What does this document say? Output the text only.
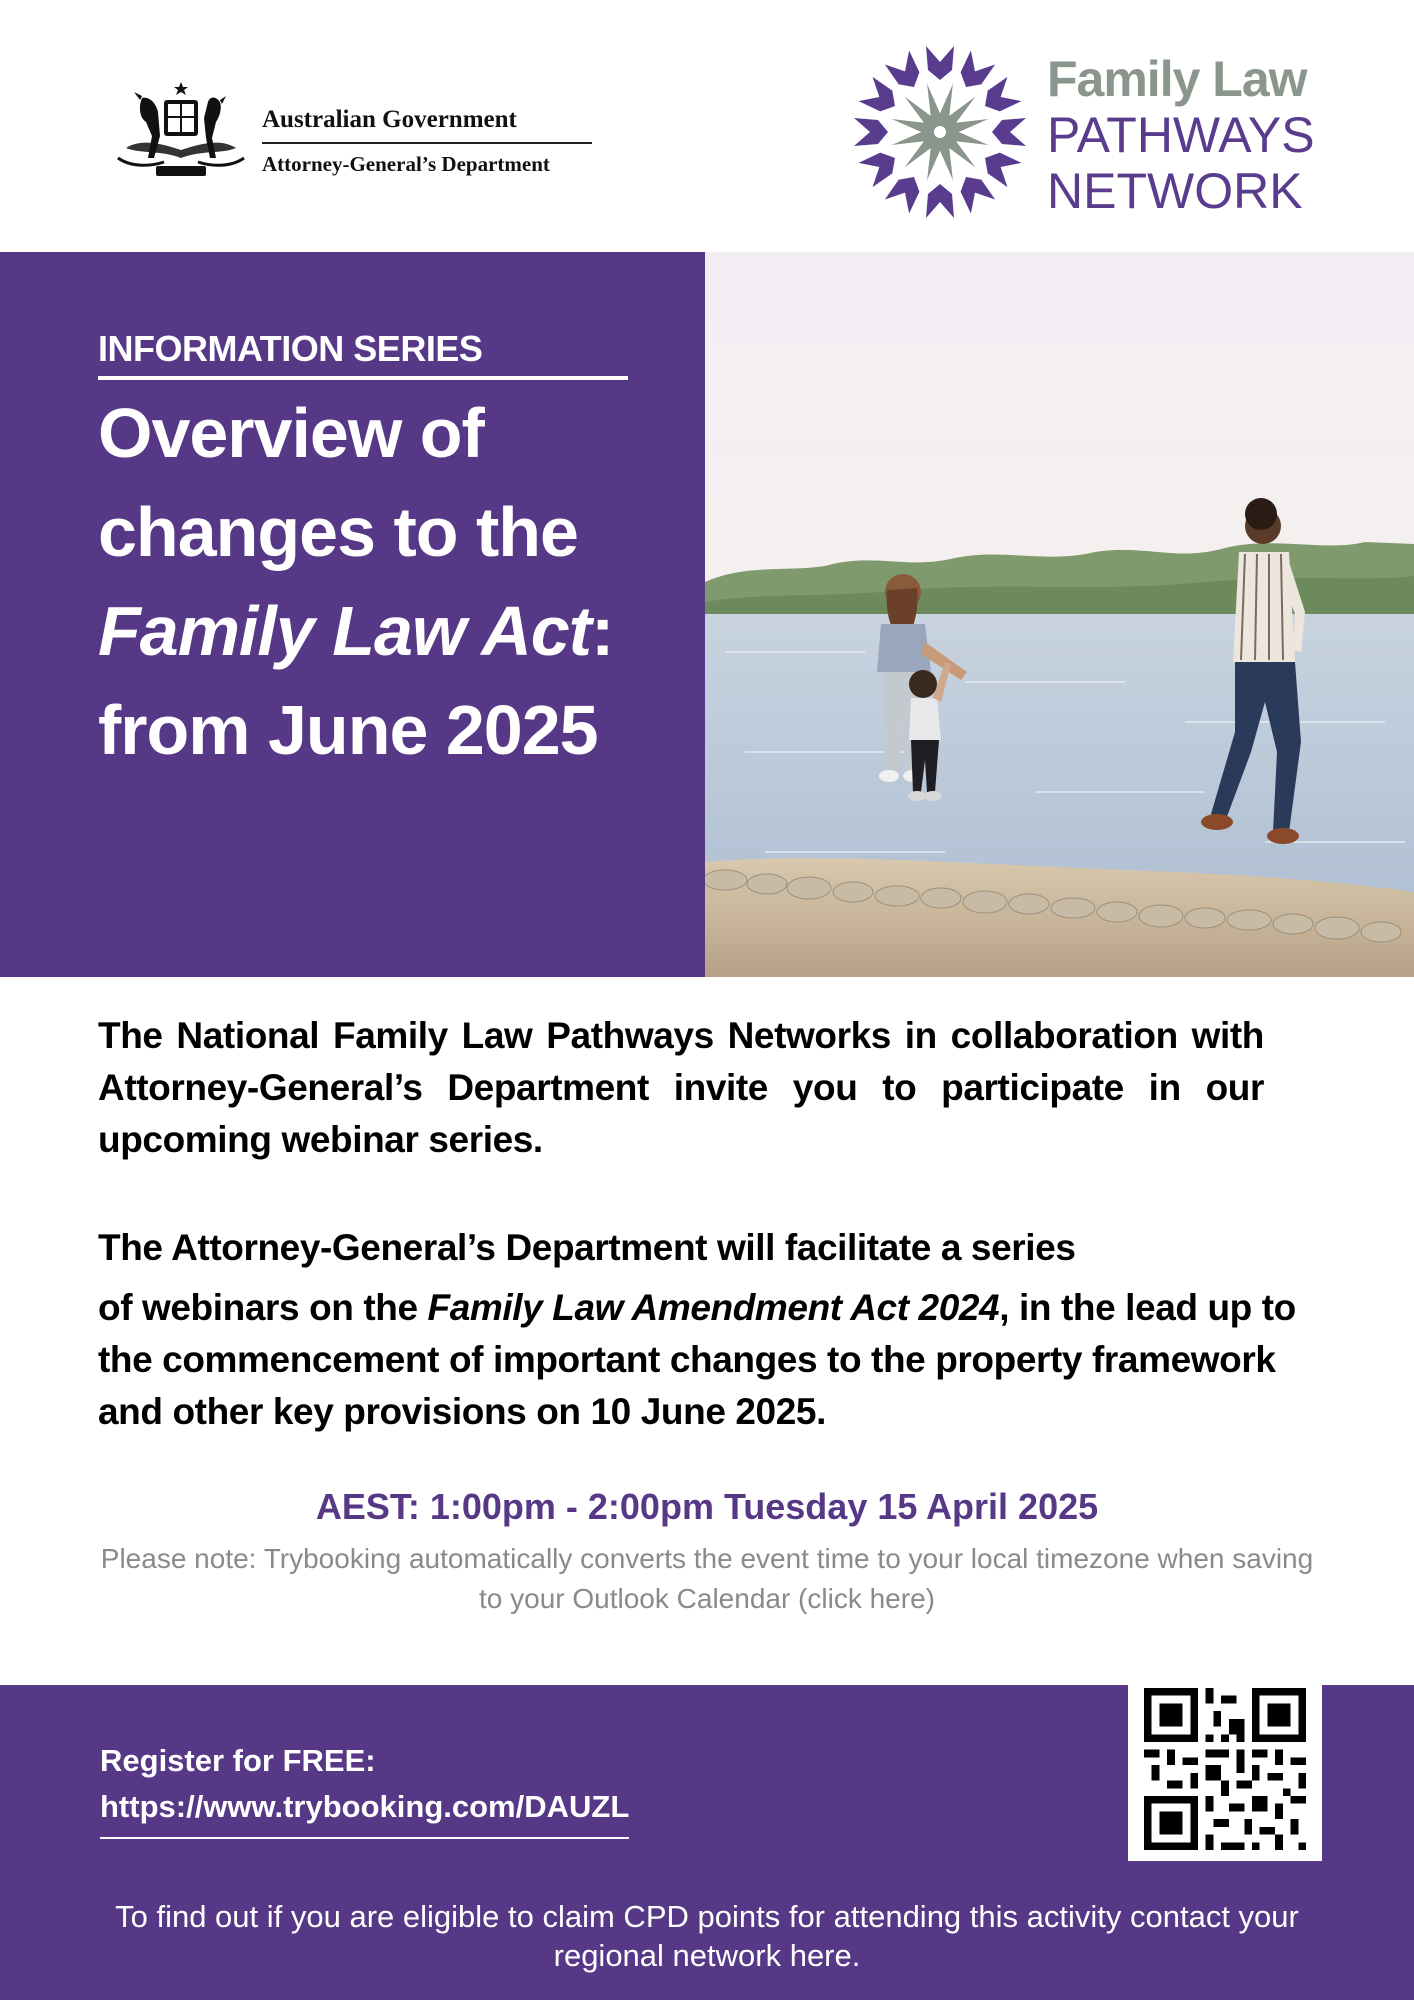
Australian Government
Attorney-General’s Department
Family Law
PATHWAYS
NETWORK
INFORMATION SERIES
Overview of
changes to the
Family Law Act:
from June 2025
The National Family Law Pathways Networks in collaboration with Attorney-General’s Department invite you to participate in our upcoming webinar series.

The Attorney-General’s Department will facilitate a series

of webinars on the Family Law Amendment Act 2024, in the lead up to the commencement of important changes to the property framework and other key provisions on 10 June 2025.

AEST: 1:00pm - 2:00pm Tuesday 15 April 2025
Please note: Trybooking automatically converts the event time to your local timezone when saving to your Outlook Calendar (click here)
Register for FREE:
https://www.trybooking.com/DAUZL
To find out if you are eligible to claim CPD points for attending this activity contact your regional network here.
